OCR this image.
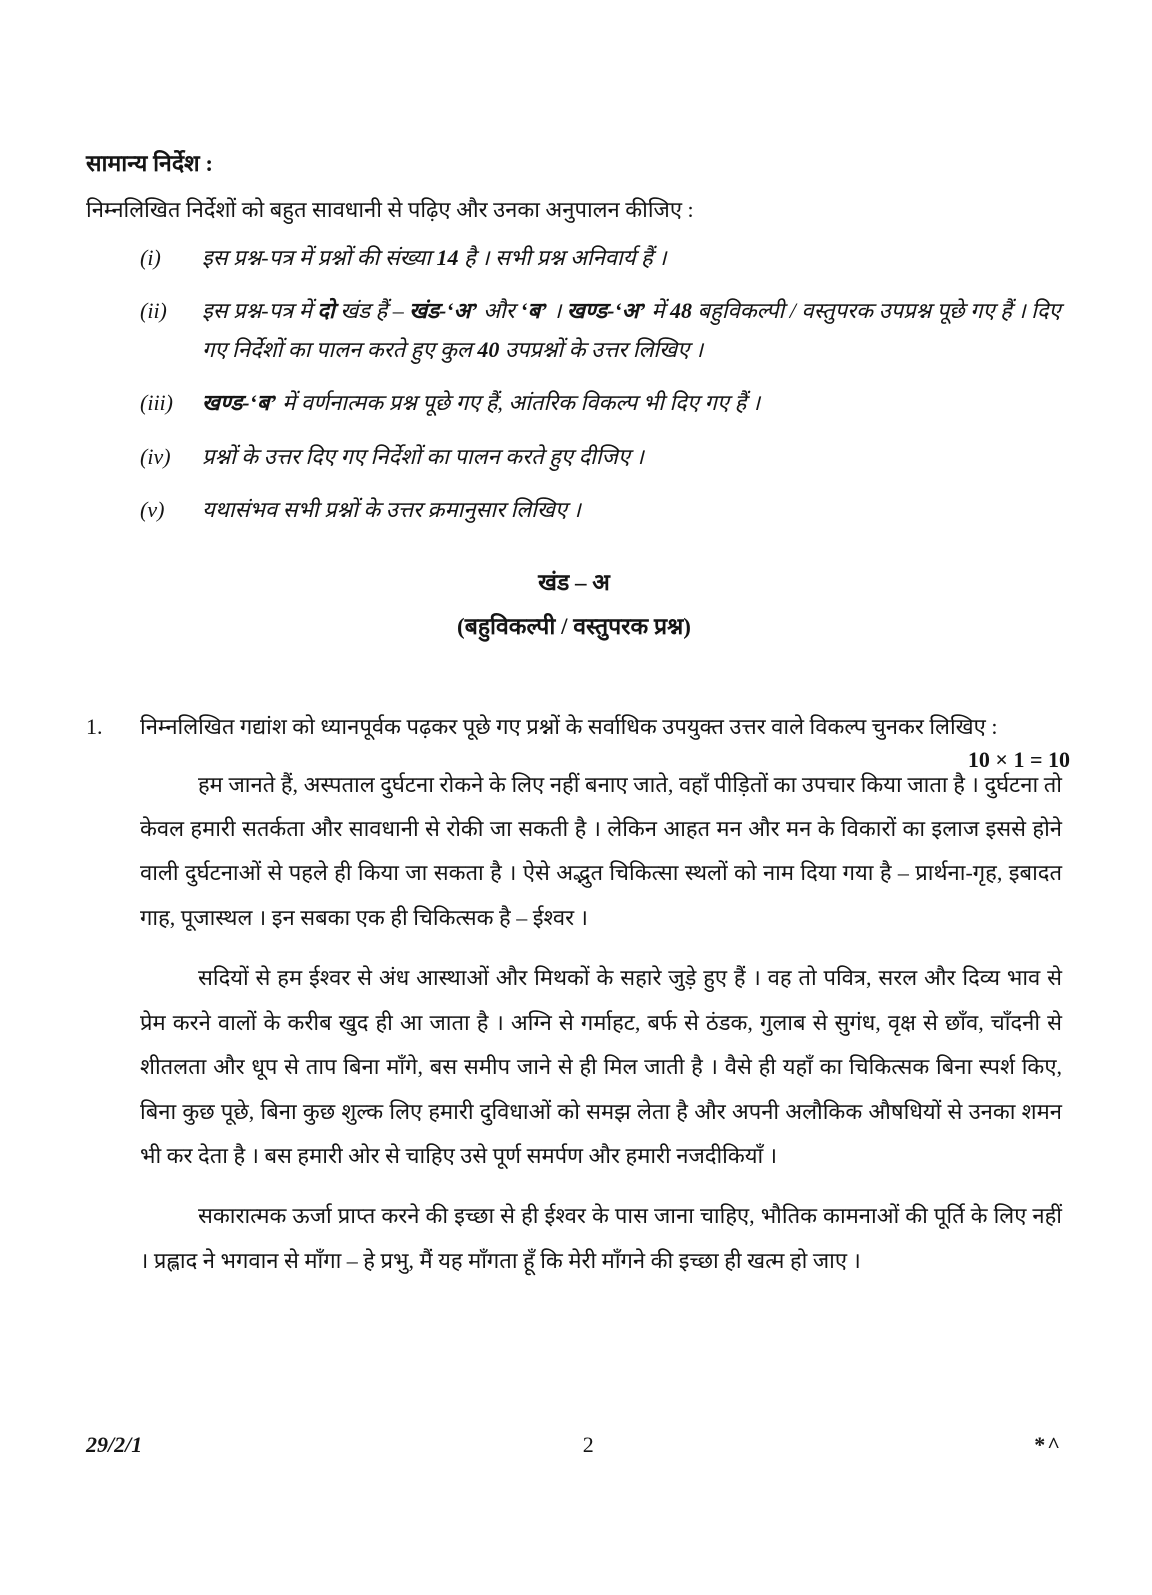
सामान्य निर्देश :
निम्नलिखित निर्देशों को बहुत सावधानी से पढ़िए और उनका अनुपालन कीजिए :
(i)	इस प्रश्न-पत्र में प्रश्नों की संख्या 14 है । सभी प्रश्न अनिवार्य हैं ।
(ii)	इस प्रश्न-पत्र में दो खंड हैं – खंड-‘अ’ और ‘ब’ । खण्ड-‘अ’ में 48 बहुविकल्पी / वस्तुपरक उपप्रश्न पूछे गए हैं । दिए गए निर्देशों का पालन करते हुए कुल 40 उपप्रश्नों के उत्तर लिखिए ।
(iii)	खण्ड-‘ब’ में वर्णनात्मक प्रश्न पूछे गए हैं, आंतरिक विकल्प भी दिए गए हैं ।
(iv)	प्रश्नों के उत्तर दिए गए निर्देशों का पालन करते हुए दीजिए ।
(v)	यथासंभव सभी प्रश्नों के उत्तर क्रमानुसार लिखिए ।
खंड – अ
(बहुविकल्पी / वस्तुपरक प्रश्न)
1.	निम्नलिखित गद्यांश को ध्यानपूर्वक पढ़कर पूछे गए प्रश्नों के सर्वाधिक उपयुक्त उत्तर वाले विकल्प चुनकर लिखिए :

10 × 1 = 10

हम जानते हैं, अस्पताल दुर्घटना रोकने के लिए नहीं बनाए जाते, वहाँ पीड़ितों का उपचार किया जाता है । दुर्घटना तो केवल हमारी सतर्कता और सावधानी से रोकी जा सकती है । लेकिन आहत मन और मन के विकारों का इलाज इससे होने वाली दुर्घटनाओं से पहले ही किया जा सकता है । ऐसे अद्भुत चिकित्सा स्थलों को नाम दिया गया है – प्रार्थना-गृह, इबादत गाह, पूजास्थल । इन सबका एक ही चिकित्सक है – ईश्वर ।

सदियों से हम ईश्वर से अंध आस्थाओं और मिथकों के सहारे जुड़े हुए हैं । वह तो पवित्र, सरल और दिव्य भाव से प्रेम करने वालों के करीब खुद ही आ जाता है । अग्नि से गर्माहट, बर्फ से ठंडक, गुलाब से सुगंध, वृक्ष से छाँव, चाँदनी से शीतलता और धूप से ताप बिना माँगे, बस समीप जाने से ही मिल जाती है । वैसे ही यहाँ का चिकित्सक बिना स्पर्श किए, बिना कुछ पूछे, बिना कुछ शुल्क लिए हमारी दुविधाओं को समझ लेता है और अपनी अलौकिक औषधियों से उनका शमन भी कर देता है । बस हमारी ओर से चाहिए उसे पूर्ण समर्पण और हमारी नजदीकियाँ ।

सकारात्मक ऊर्जा प्राप्त करने की इच्छा से ही ईश्वर के पास जाना चाहिए, भौतिक कामनाओं की पूर्ति के लिए नहीं । प्रह्लाद ने भगवान से माँगा – हे प्रभु, मैं यह माँगता हूँ कि मेरी माँगने की इच्छा ही खत्म हो जाए ।

29/2/1	2	*^
